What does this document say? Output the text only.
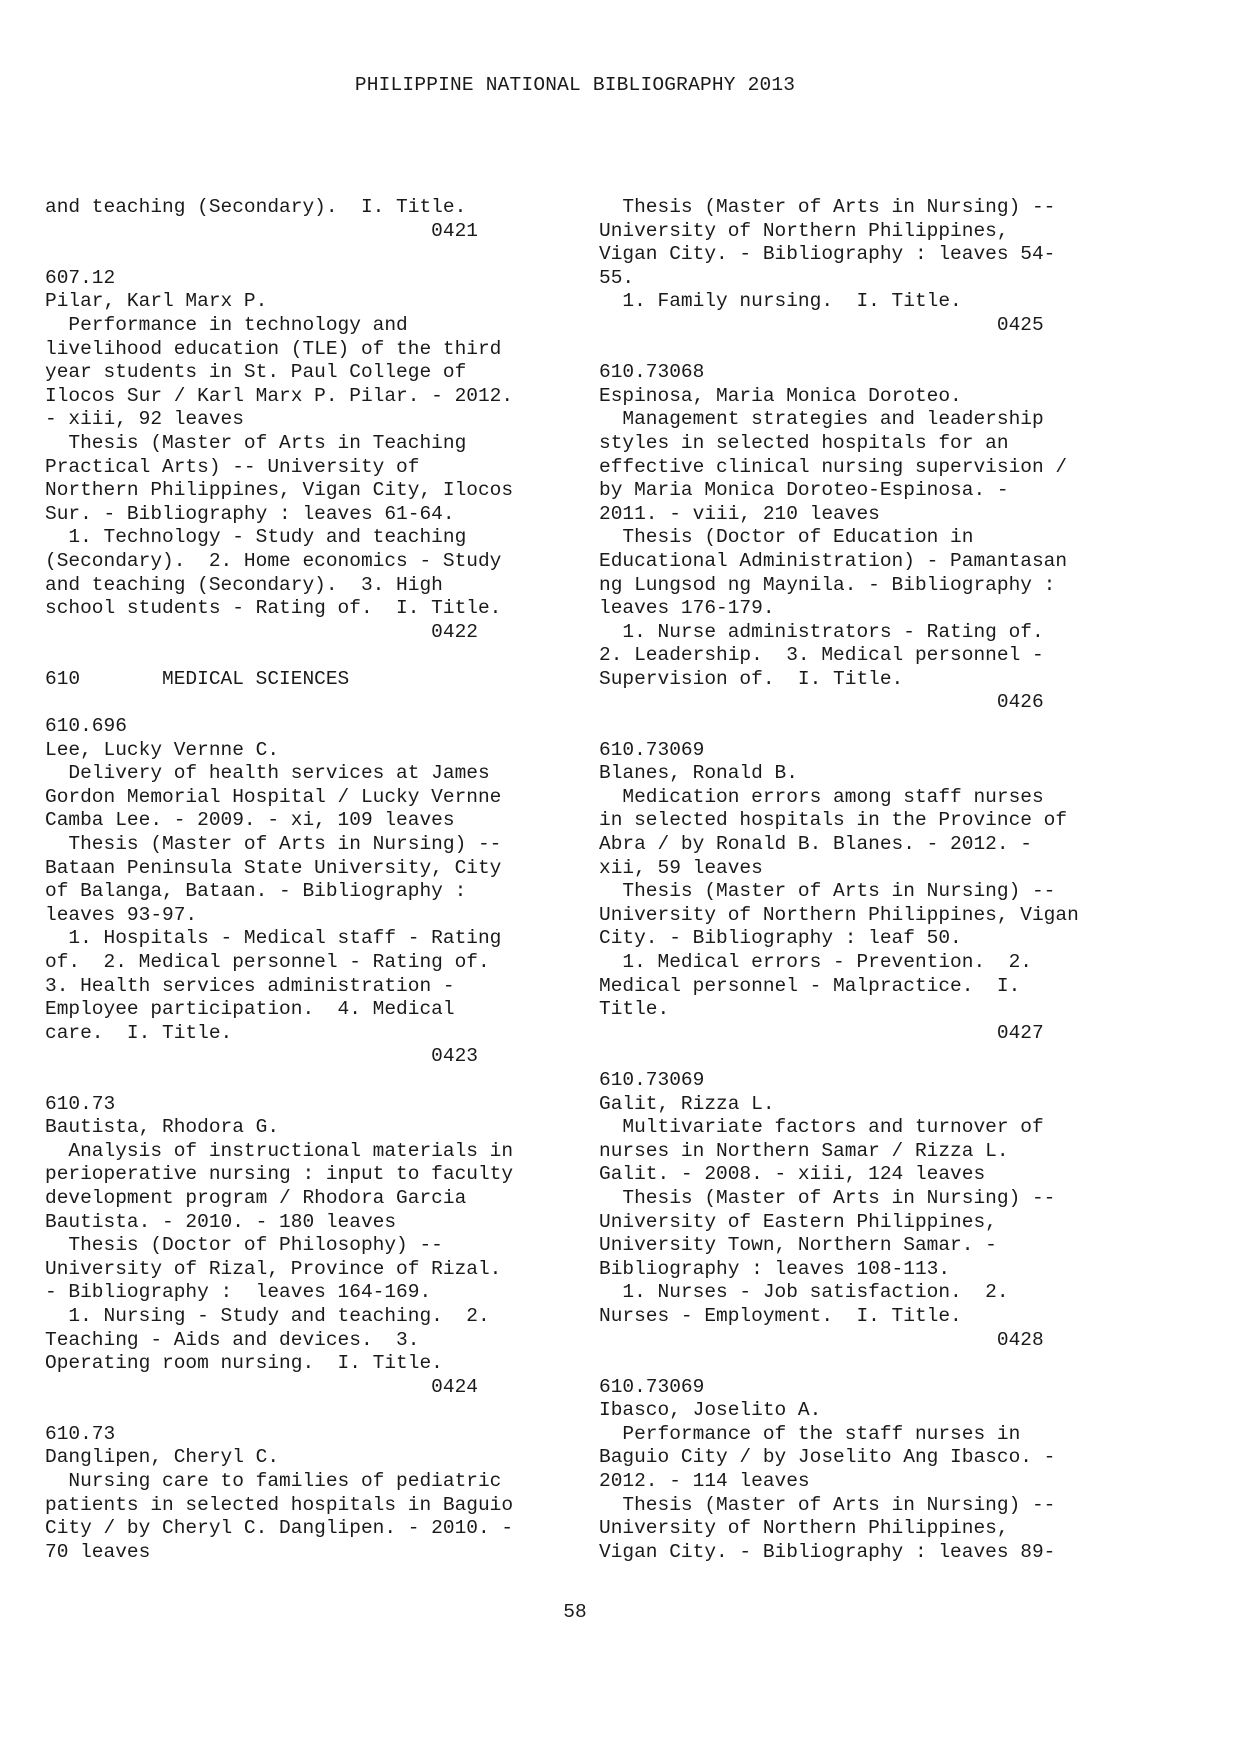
PHILIPPINE NATIONAL BIBLIOGRAPHY 2013
and teaching (Secondary).  I. Title.
0421
607.12
Pilar, Karl Marx P.
Performance in technology and
livelihood education (TLE) of the third
year students in St. Paul College of
Ilocos Sur / Karl Marx P. Pilar. - 2012.
- xiii, 92 leaves
Thesis (Master of Arts in Teaching
Practical Arts) -- University of
Northern Philippines, Vigan City, Ilocos
Sur. - Bibliography : leaves 61-64.
1. Technology - Study and teaching
(Secondary).  2. Home economics - Study
and teaching (Secondary).  3. High
school students - Rating of.  I. Title.
0422
610       MEDICAL SCIENCES
610.696
Lee, Lucky Vernne C.
Delivery of health services at James
Gordon Memorial Hospital / Lucky Vernne
Camba Lee. - 2009. - xi, 109 leaves
Thesis (Master of Arts in Nursing) --
Bataan Peninsula State University, City
of Balanga, Bataan. - Bibliography :
leaves 93-97.
1. Hospitals - Medical staff - Rating
of.  2. Medical personnel - Rating of.
3. Health services administration -
Employee participation.  4. Medical
care.  I. Title.
0423
610.73
Bautista, Rhodora G.
Analysis of instructional materials in
perioperative nursing : input to faculty
development program / Rhodora Garcia
Bautista. - 2010. - 180 leaves
Thesis (Doctor of Philosophy) --
University of Rizal, Province of Rizal.
- Bibliography :  leaves 164-169.
1. Nursing - Study and teaching.  2.
Teaching - Aids and devices.  3.
Operating room nursing.  I. Title.
0424
610.73
Danglipen, Cheryl C.
Nursing care to families of pediatric
patients in selected hospitals in Baguio
City / by Cheryl C. Danglipen. - 2010. -
70 leaves
Thesis (Master of Arts in Nursing) --
University of Northern Philippines,
Vigan City. - Bibliography : leaves 54-
55.
1. Family nursing.  I. Title.
0425
610.73068
Espinosa, Maria Monica Doroteo.
Management strategies and leadership
styles in selected hospitals for an
effective clinical nursing supervision /
by Maria Monica Doroteo-Espinosa. -
2011. - viii, 210 leaves
Thesis (Doctor of Education in
Educational Administration) - Pamantasan
ng Lungsod ng Maynila. - Bibliography :
leaves 176-179.
1. Nurse administrators - Rating of.
2. Leadership.  3. Medical personnel -
Supervision of.  I. Title.
0426
610.73069
Blanes, Ronald B.
Medication errors among staff nurses
in selected hospitals in the Province of
Abra / by Ronald B. Blanes. - 2012. -
xii, 59 leaves
Thesis (Master of Arts in Nursing) --
University of Northern Philippines, Vigan
City. - Bibliography : leaf 50.
1. Medical errors - Prevention.  2.
Medical personnel - Malpractice.  I.
Title.
0427
610.73069
Galit, Rizza L.
Multivariate factors and turnover of
nurses in Northern Samar / Rizza L.
Galit. - 2008. - xiii, 124 leaves
Thesis (Master of Arts in Nursing) --
University of Eastern Philippines,
University Town, Northern Samar. -
Bibliography : leaves 108-113.
1. Nurses - Job satisfaction.  2.
Nurses - Employment.  I. Title.
0428
610.73069
Ibasco, Joselito A.
Performance of the staff nurses in
Baguio City / by Joselito Ang Ibasco. -
2012. - 114 leaves
Thesis (Master of Arts in Nursing) --
University of Northern Philippines,
Vigan City. - Bibliography : leaves 89-
58
